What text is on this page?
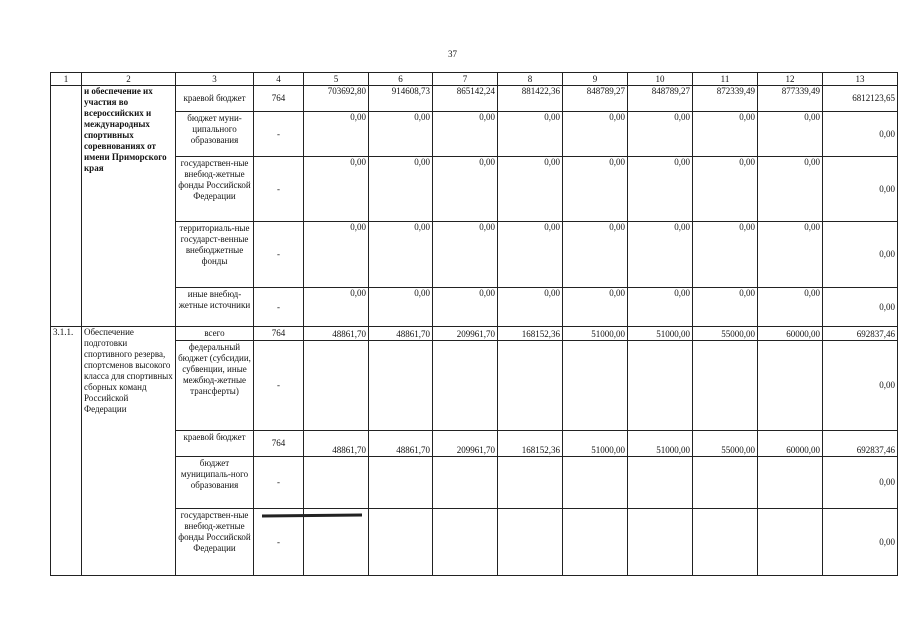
37
1	2	3	4	5	6	7	8	9	10	11	12	13
	и обеспечение их участия во всероссийских и международных спортивных соревнованиях от имени Приморского края	краевой бюджет	764	703692,80	914608,73	865142,24	881422,36	848789,27	848789,27	872339,49	877339,49	6812123,65
		бюджет муни-ципального образования	-	0,00	0,00	0,00	0,00	0,00	0,00	0,00	0,00	0,00
		государствен-ные внебюд-жетные фонды Российской Федерации	-	0,00	0,00	0,00	0,00	0,00	0,00	0,00	0,00	0,00
		территориаль-ные государст-венные внебюджетные фонды	-	0,00	0,00	0,00	0,00	0,00	0,00	0,00	0,00	0,00
		иные внебюд-жетные источники	-	0,00	0,00	0,00	0,00	0,00	0,00	0,00	0,00	0,00
3.1.1.	Обеспечение подготовки спортивного резерва, спортсменов высокого класса для спортивных сборных команд Российской Федерации	всего	764	48861,70	48861,70	209961,70	168152,36	51000,00	51000,00	55000,00	60000,00	692837,46
		федеральный бюджет (субсидии, субвенции, иные межбюд-жетные трансферты)	-									0,00
		краевой бюджет	764	48861,70	48861,70	209961,70	168152,36	51000,00	51000,00	55000,00	60000,00	692837,46
		бюджет муниципаль-ного образования	-									0,00
		государствен-ные внебюд-жетные фонды Российской Федерации	-									0,00
